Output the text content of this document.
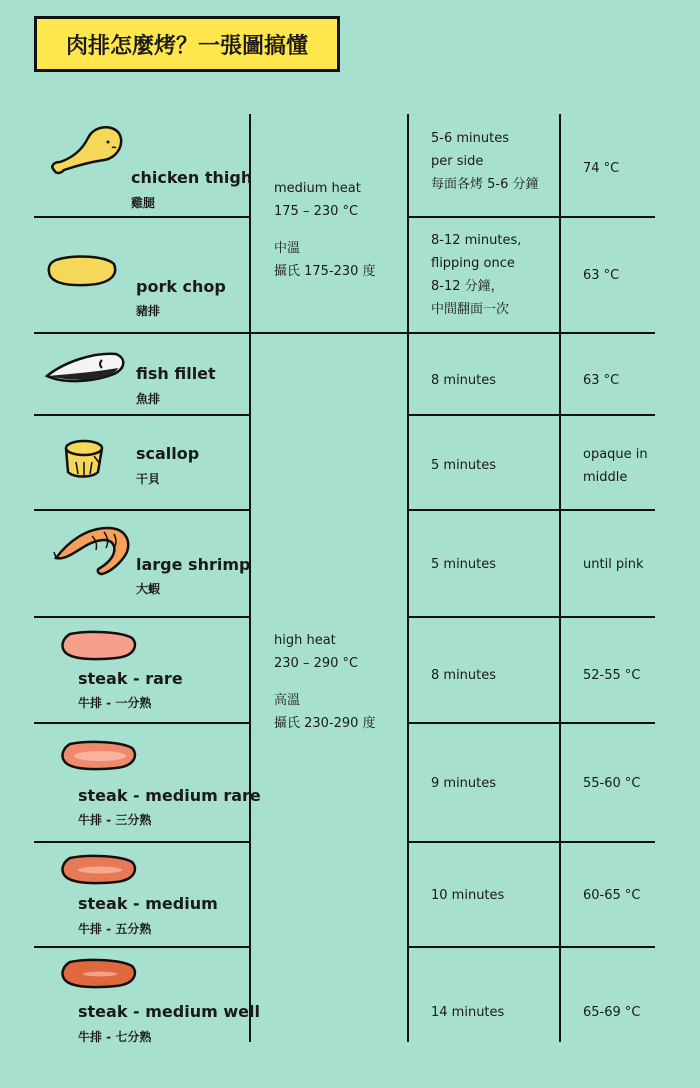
肉排怎麼烤？一張圖搞懂
chicken thigh
雞腿
pork chop
豬排
fish fillet
魚排
scallop
干貝
large shrimp
大蝦
steak - rare
牛排 - 一分熟
steak - medium rare
牛排 - 三分熟
steak - medium
牛排 - 五分熟
steak - medium well
牛排 - 七分熟
medium heat
175 – 230 °C
中溫
攝氏 175-230 度
high heat
230 – 290 °C
高溫
攝氏 230-290 度
5-6 minutes
per side
每面各烤 5-6 分鐘
8-12 minutes,
flipping once
8-12 分鐘，
中間翻面一次
8 minutes
5 minutes
5 minutes
8 minutes
9 minutes
10 minutes
14 minutes
74 °C
63 °C
63 °C
opaque in
middle
until pink
52-55 °C
55-60 °C
60-65 °C
65-69 °C
